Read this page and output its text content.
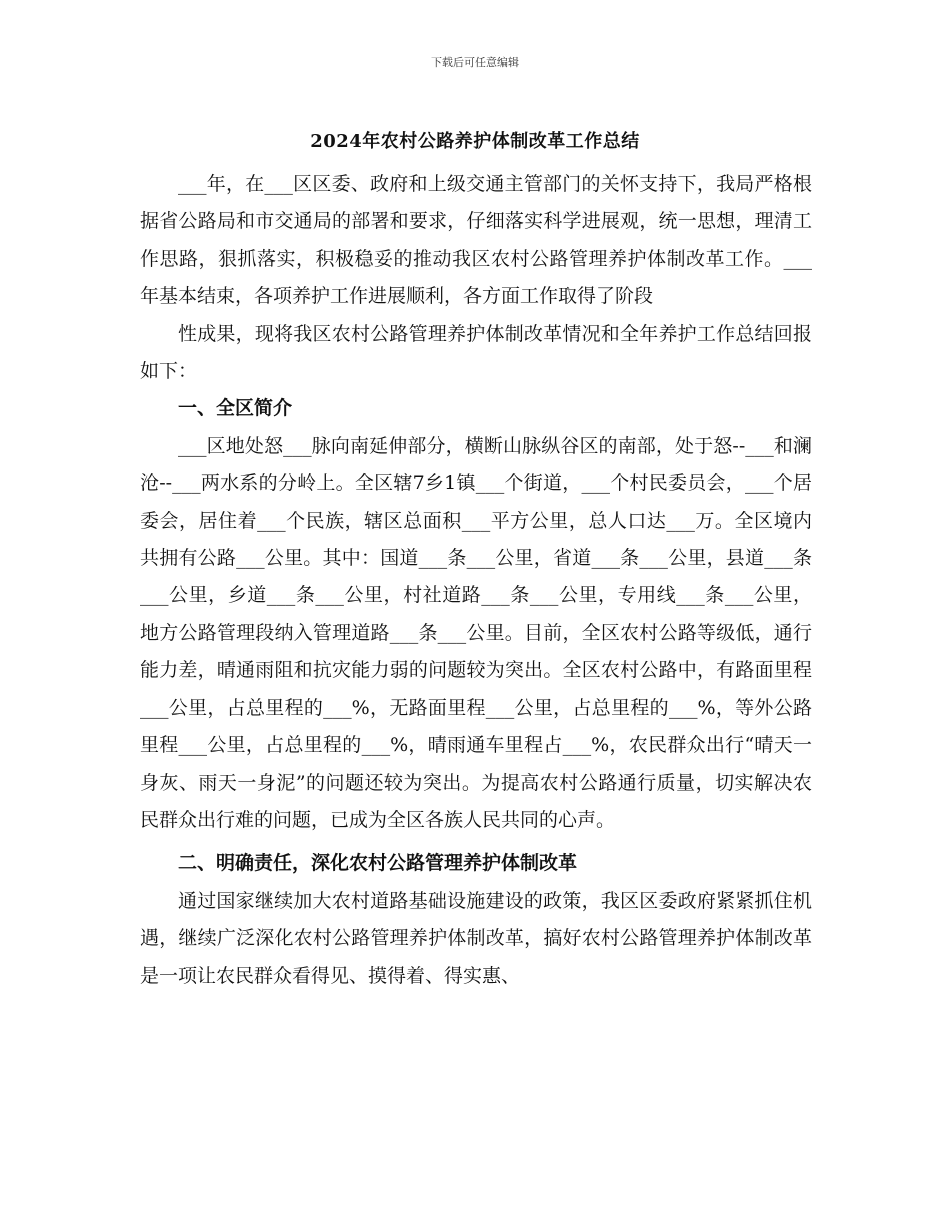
下载后可任意编辑
2024年农村公路养护体制改革工作总结

___年，在___区区委、政府和上级交通主管部门的关怀支持下，我局严格根据省公路局和市交通局的部署和要求，仔细落实科学进展观，统一思想，理清工作思路，狠抓落实，积极稳妥的推动我区农村公路管理养护体制改革工作。___年基本结束，各项养护工作进展顺利，各方面工作取得了阶段

性成果，现将我区农村公路管理养护体制改革情况和全年养护工作总结回报如下：

一、全区简介

___区地处怒___脉向南延伸部分，横断山脉纵谷区的南部，处于怒--___和澜沧--___两水系的分岭上。全区辖7乡1镇___个街道，___个村民委员会，___个居委会，居住着___个民族，辖区总面积___平方公里，总人口达___万。全区境内共拥有公路___公里。其中：国道___条___公里，省道___条___公里，县道___条___公里，乡道___条___公里，村社道路___条___公里，专用线___条___公里，地方公路管理段纳入管理道路___条___公里。目前，全区农村公路等级低，通行能力差，晴通雨阻和抗灾能力弱的问题较为突出。全区农村公路中，有路面里程___公里，占总里程的___%，无路面里程___公里，占总里程的___%，等外公路里程___公里，占总里程的___%，晴雨通车里程占___%，农民群众出行“晴天一身灰、雨天一身泥”的问题还较为突出。为提高农村公路通行质量，切实解决农民群众出行难的问题，已成为全区各族人民共同的心声。

二、明确责任，深化农村公路管理养护体制改革

通过国家继续加大农村道路基础设施建设的政策，我区区委政府紧紧抓住机遇，继续广泛深化农村公路管理养护体制改革，搞好农村公路管理养护体制改革是一项让农民群众看得见、摸得着、得实惠、
